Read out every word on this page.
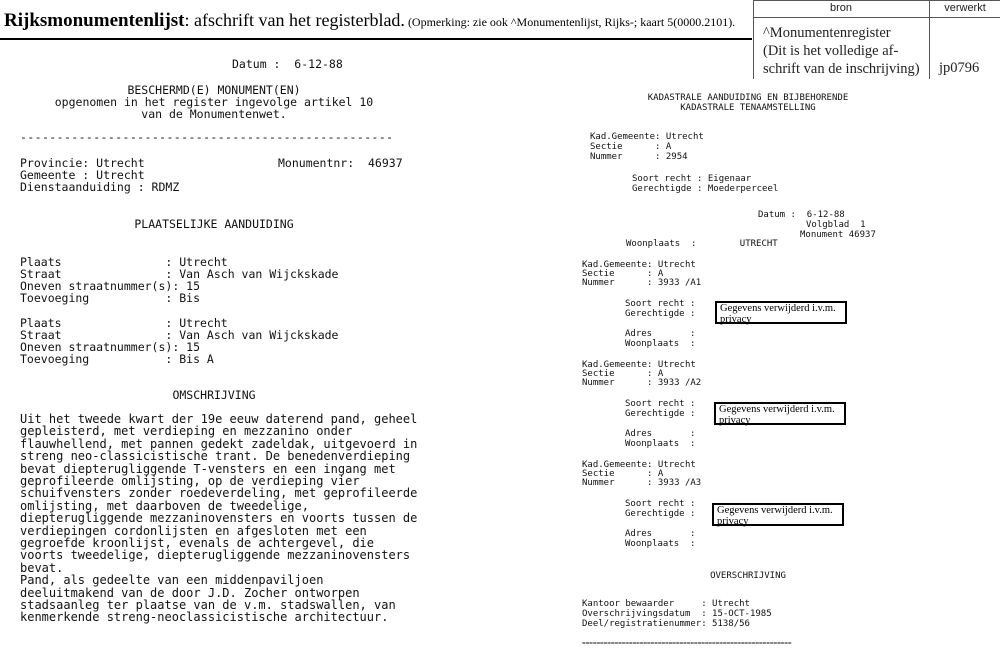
Rijksmonumentenlijst: afschrift van het registerblad. (Opmerking: zie ook ^Monumentenlijst, Rijks-; kaart 5(0000.2101).
bron	verwerkt
^Monumentenregister
(Dit is het volledige af-
schrift van de inschrijving) jp0796
Datum :  6-12-88
BESCHERMD(E) MONUMENT(EN)
opgenomen in het register ingevolge artikel 10
van de Monumentenwet.
---------------------------------------------------
Provincie: Utrecht	Monumentnr:  46937
Gemeente : Utrecht
Dienstaanduiding : RDMZ
PLAATSELIJKE AANDUIDING
Plaats               : Utrecht
Straat               : Van Asch van Wijckskade
Oneven straatnummer(s): 15
Toevoeging           : Bis
Plaats               : Utrecht
Straat               : Van Asch van Wijckskade
Oneven straatnummer(s): 15
Toevoeging           : Bis A
OMSCHRIJVING
Uit het tweede kwart der 19e eeuw daterend pand, geheel
gepleisterd, met verdieping en mezzanino onder
flauwhellend, met pannen gedekt zadeldak, uitgevoerd in
streng neo-classicistische trant. De benedenverdieping
bevat diepterugliggende T-vensters en een ingang met
geprofileerde omlijsting, op de verdieping vier
schuifvensters zonder roedeverdeling, met geprofileerde
omlijsting, met daarboven de tweedelige,
diepterugliggende mezzaninovensters en voorts tussen de
verdiepingen cordonlijsten en afgesloten met een
gegroefde kroonlijst, evenals de achtergevel, die
voorts tweedelige, diepterugliggende mezzaninovensters
bevat.
Pand, als gedeelte van een middenpaviljoen
deeluitmakend van de door J.D. Zocher ontworpen
stadsaanleg ter plaatse van de v.m. stadswallen, van
kenmerkende streng-neoclassicistische architectuur.
KADASTRALE AANDUIDING EN BIJBEHORENDE
KADASTRALE TENAAMSTELLING
Kad.Gemeente: Utrecht
Sectie      : A
Nummer      : 2954
Soort recht : Eigenaar
Gerechtigde : Moederperceel
Datum :  6-12-88
Volgblad  1
Monument 46937
Woonplaats  :        UTRECHT
Kad.Gemeente: Utrecht
Sectie      : A
Nummer      : 3933 /A1
Soort recht :
Gerechtigde :	Gegevens verwijderd i.v.m. privacy
Adres       :
Woonplaats  :
Kad.Gemeente: Utrecht
Sectie      : A
Nummer      : 3933 /A2
Soort recht :
Gerechtigde :	Gegevens verwijderd i.v.m. privacy
Adres       :
Woonplaats  :
Kad.Gemeente: Utrecht
Sectie      : A
Nummer      : 3933 /A3
Soort recht :
Gerechtigde :	Gegevens verwijderd i.v.m. privacy
Adres       :
Woonplaats  :
OVERSCHRIJVING
Kantoor bewaarder     : Utrecht
Overschrijvingsdatum  : 15-OCT-1985
Deel/registratienummer: 5138/56
==========================================================
